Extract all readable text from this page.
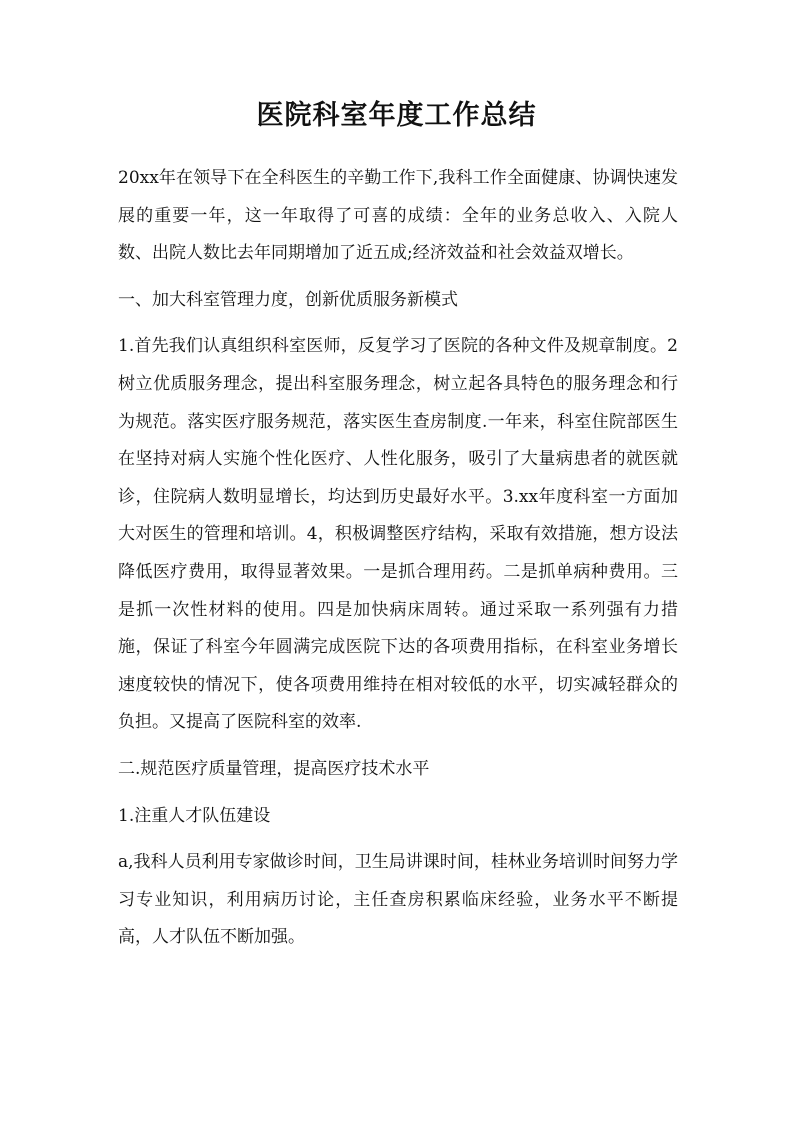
医院科室年度工作总结

20xx年在领导下在全科医生的辛勤工作下,我科工作全面健康、协调快速发展的重要一年，这一年取得了可喜的成绩：全年的业务总收入、入院人数、出院人数比去年同期增加了近五成;经济效益和社会效益双增长。

一、加大科室管理力度，创新优质服务新模式

1.首先我们认真组织科室医师，反复学习了医院的各种文件及规章制度。2树立优质服务理念，提出科室服务理念，树立起各具特色的服务理念和行为规范。落实医疗服务规范，落实医生查房制度.一年来，科室住院部医生在坚持对病人实施个性化医疗、人性化服务，吸引了大量病患者的就医就诊，住院病人数明显增长，均达到历史最好水平。3.xx年度科室一方面加大对医生的管理和培训。4，积极调整医疗结构，采取有效措施，想方设法降低医疗费用，取得显著效果。一是抓合理用药。二是抓单病种费用。三是抓一次性材料的使用。四是加快病床周转。通过采取一系列强有力措施，保证了科室今年圆满完成医院下达的各项费用指标，在科室业务增长速度较快的情况下，使各项费用维持在相对较低的水平，切实减轻群众的负担。又提高了医院科室的效率.

二.规范医疗质量管理，提高医疗技术水平

1.注重人才队伍建设

a,我科人员利用专家做诊时间，卫生局讲课时间，桂林业务培训时间努力学习专业知识，利用病历讨论，主任查房积累临床经验，业务水平不断提高，人才队伍不断加强。
